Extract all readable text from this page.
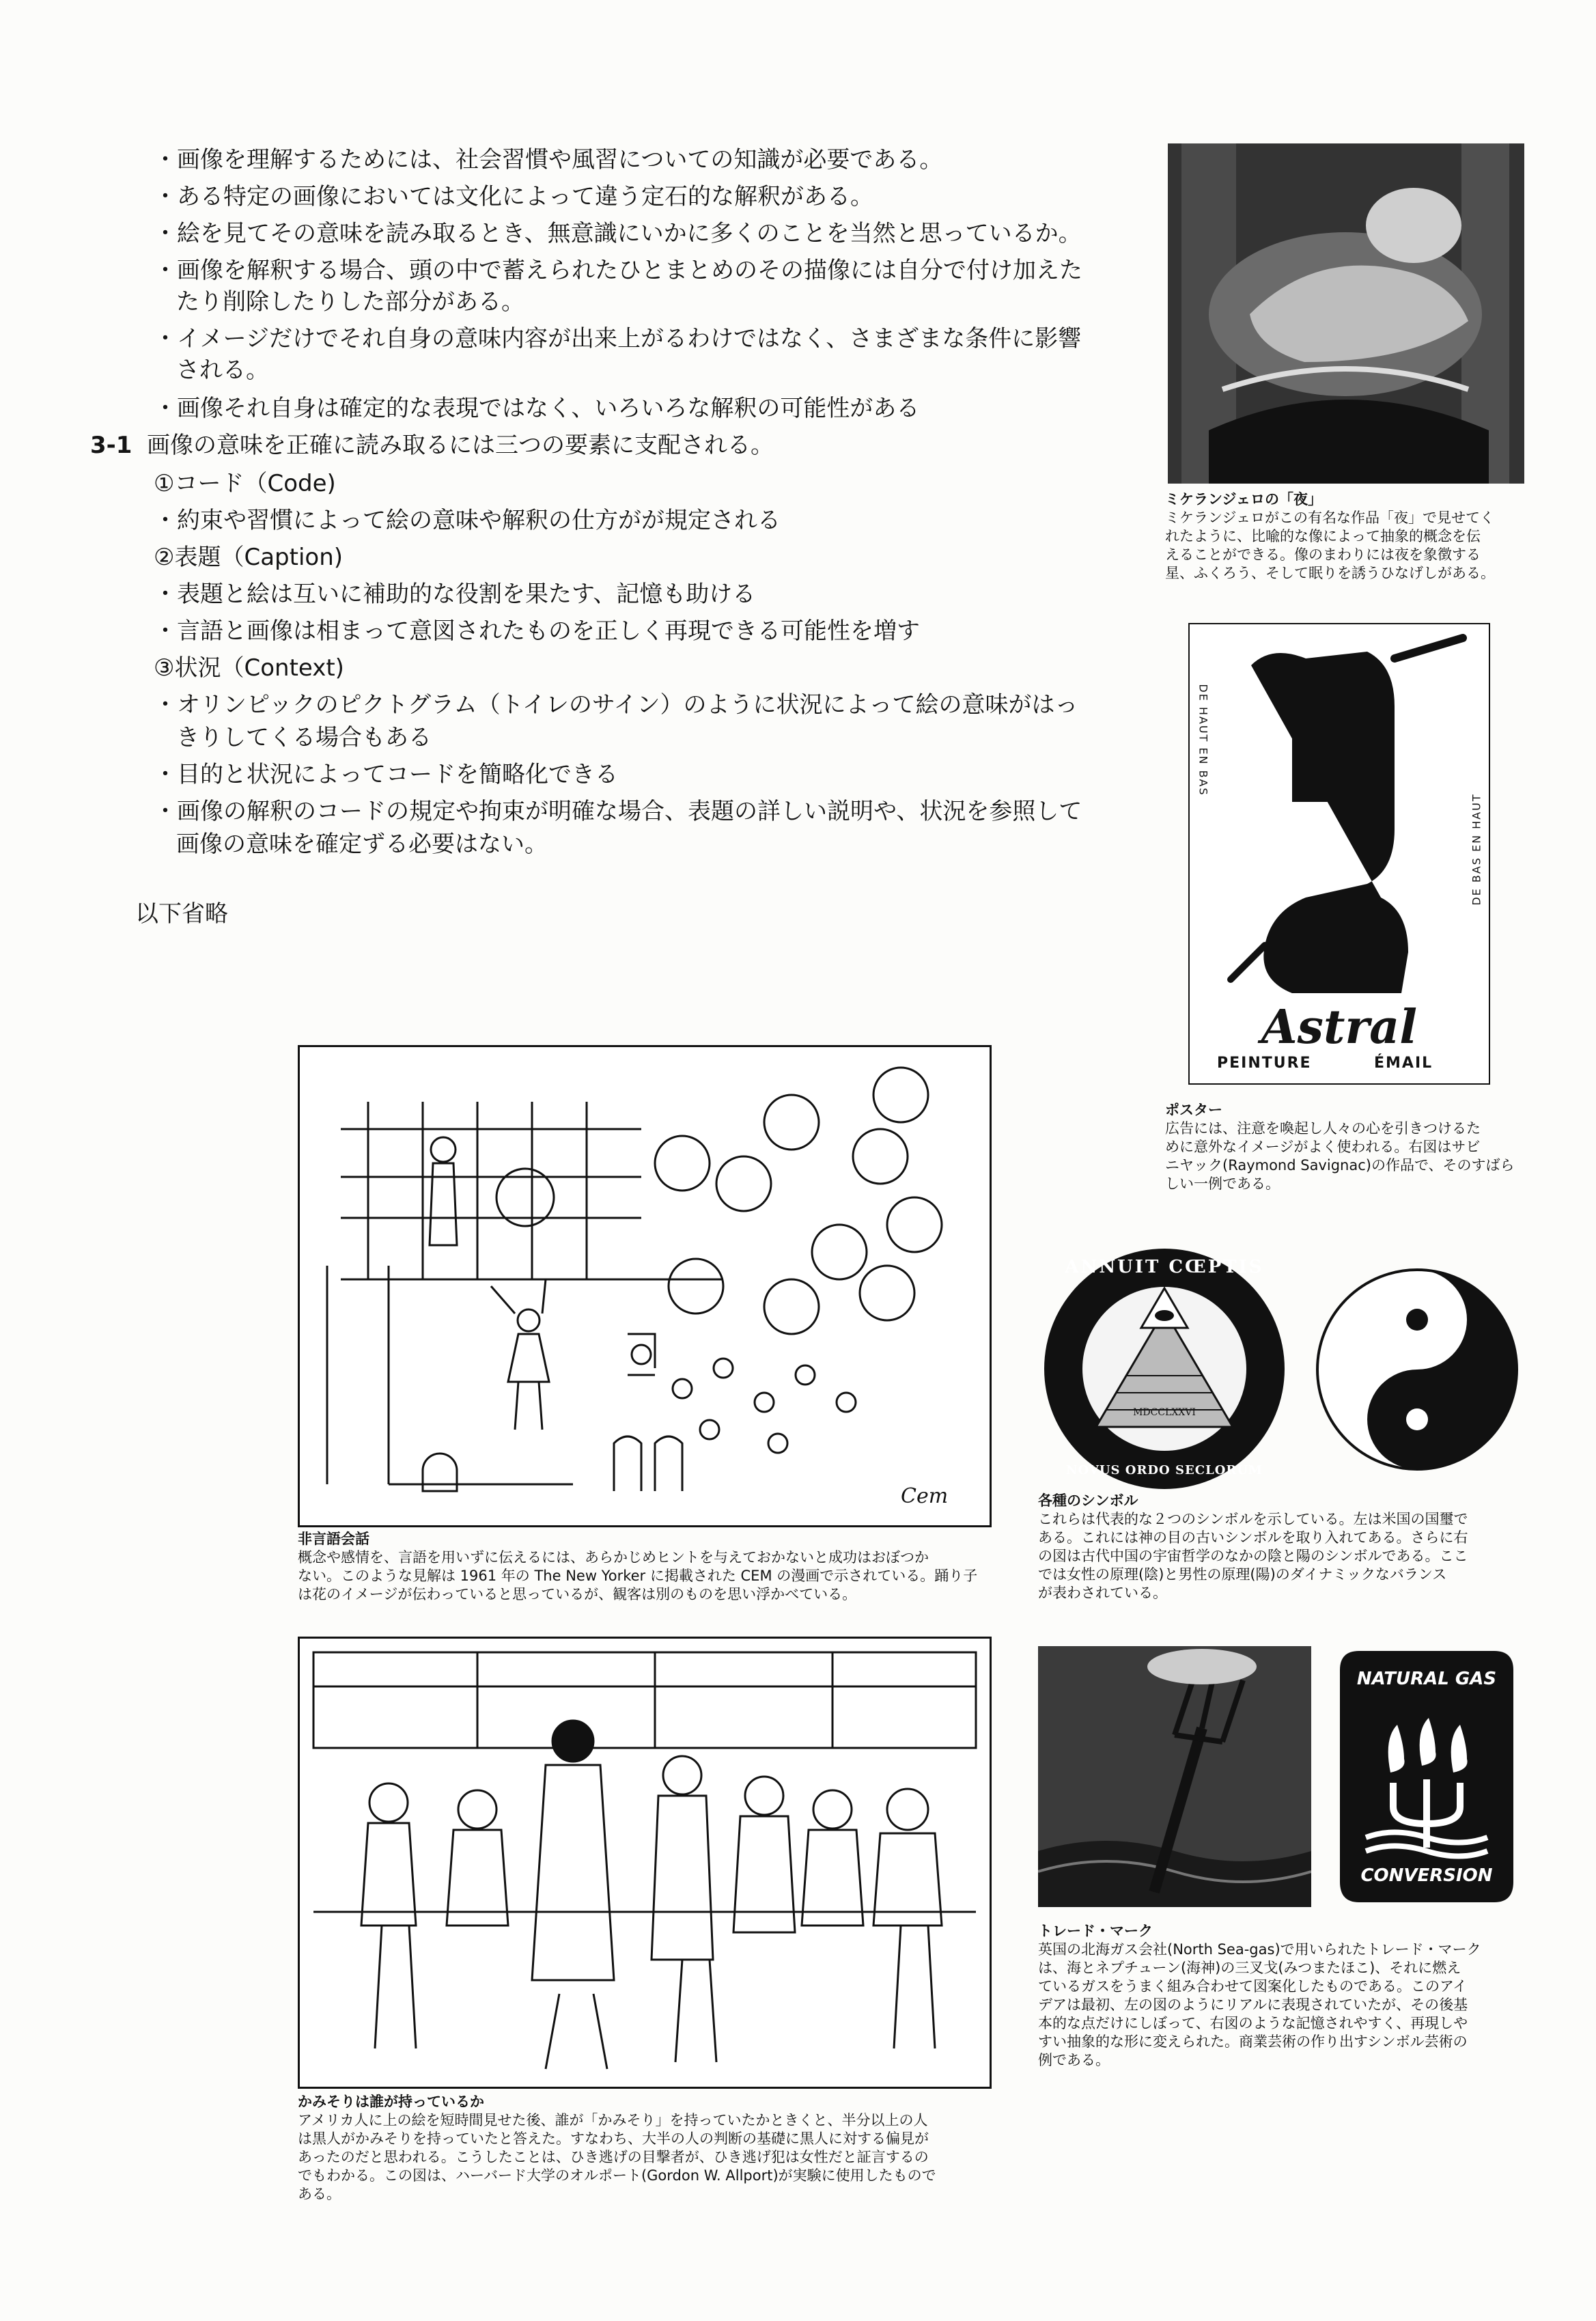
・画像を理解するためには、社会習慣や風習についての知識が必要である。
・ある特定の画像においては文化によって違う定石的な解釈がある。
・絵を見てその意味を読み取るとき、無意識にいかに多くのことを当然と思っているか。
・画像を解釈する場合、頭の中で蓄えられたひとまとめのその描像には自分で付け加えた
たり削除したりした部分がある。
・イメージだけでそれ自身の意味内容が出来上がるわけではなく、さまざまな条件に影響
される。
・画像それ自身は確定的な表現ではなく、いろいろな解釈の可能性がある
3-1 画像の意味を正確に読み取るには三つの要素に支配される。
①コード（Code)
・約束や習慣によって絵の意味や解釈の仕方がが規定される
②表題（Caption)
・表題と絵は互いに補助的な役割を果たす、記憶も助ける
・言語と画像は相まって意図されたものを正しく再現できる可能性を増す
③状況（Context)
・オリンピックのピクトグラム（トイレのサイン）のように状況によって絵の意味がはっ
きりしてくる場合もある
・目的と状況によってコードを簡略化できる
・画像の解釈のコードの規定や拘束が明確な場合、表題の詳しい説明や、状況を参照して
画像の意味を確定ずる必要はない。
以下省略
ミケランジェロの「夜」
ミケランジェロがこの有名な作品「夜」で見せてく
れたように、比喩的な像によって抽象的概念を伝
えることができる。像のまわりには夜を象徴する
星、ふくろう、そして眠りを誘うひなげしがある。
DE HAUT EN BAS
DE BAS EN HAUT
Astral
PEINTURE	ÉMAIL
ポスター
広告には、注意を喚起し人々の心を引きつけるた
めに意外なイメージがよく使われる。右図はサビ
ニヤック(Raymond Savignac)の作品で、そのすばら
しい一例である。
ANNUIT CŒPTIS
MDCCLXXVI
NOVUS ORDO SECLORUM
各種のシンボル
これらは代表的な２つのシンボルを示している。左は米国の国璽で
ある。これには神の目の古いシンボルを取り入れてある。さらに右
の図は古代中国の宇宙哲学のなかの陰と陽のシンボルである。ここ
では女性の原理(陰)と男性の原理(陽)のダイナミックなバランス
が表わされている。
NATURAL GAS
CONVERSION
トレード・マーク
英国の北海ガス会社(North Sea-gas)で用いられたトレード・マーク
は、海とネプチューン(海神)の三叉戈(みつまたほこ)、それに燃え
ているガスをうまく組み合わせて図案化したものである。このアイ
デアは最初、左の図のようにリアルに表現されていたが、その後基
本的な点だけにしぼって、右図のような記憶されやすく、再現しや
すい抽象的な形に変えられた。商業芸術の作り出すシンボル芸術の
例である。
Cem
非言語会話
概念や感情を、言語を用いずに伝えるには、あらかじめヒントを与えておかないと成功はおぼつか
ない。このような見解は 1961 年の The New Yorker に掲載された CEM の漫画で示されている。踊り子
は花のイメージが伝わっていると思っているが、観客は別のものを思い浮かべている。
かみそりは誰が持っているか
アメリカ人に上の絵を短時間見せた後、誰が「かみそり」を持っていたかときくと、半分以上の人
は黒人がかみそりを持っていたと答えた。すなわち、大半の人の判断の基礎に黒人に対する偏見が
あったのだと思われる。こうしたことは、ひき逃げの目撃者が、ひき逃げ犯は女性だと証言するの
でもわかる。この図は、ハーバード大学のオルポート(Gordon W. Allport)が実験に使用したもので
ある。
